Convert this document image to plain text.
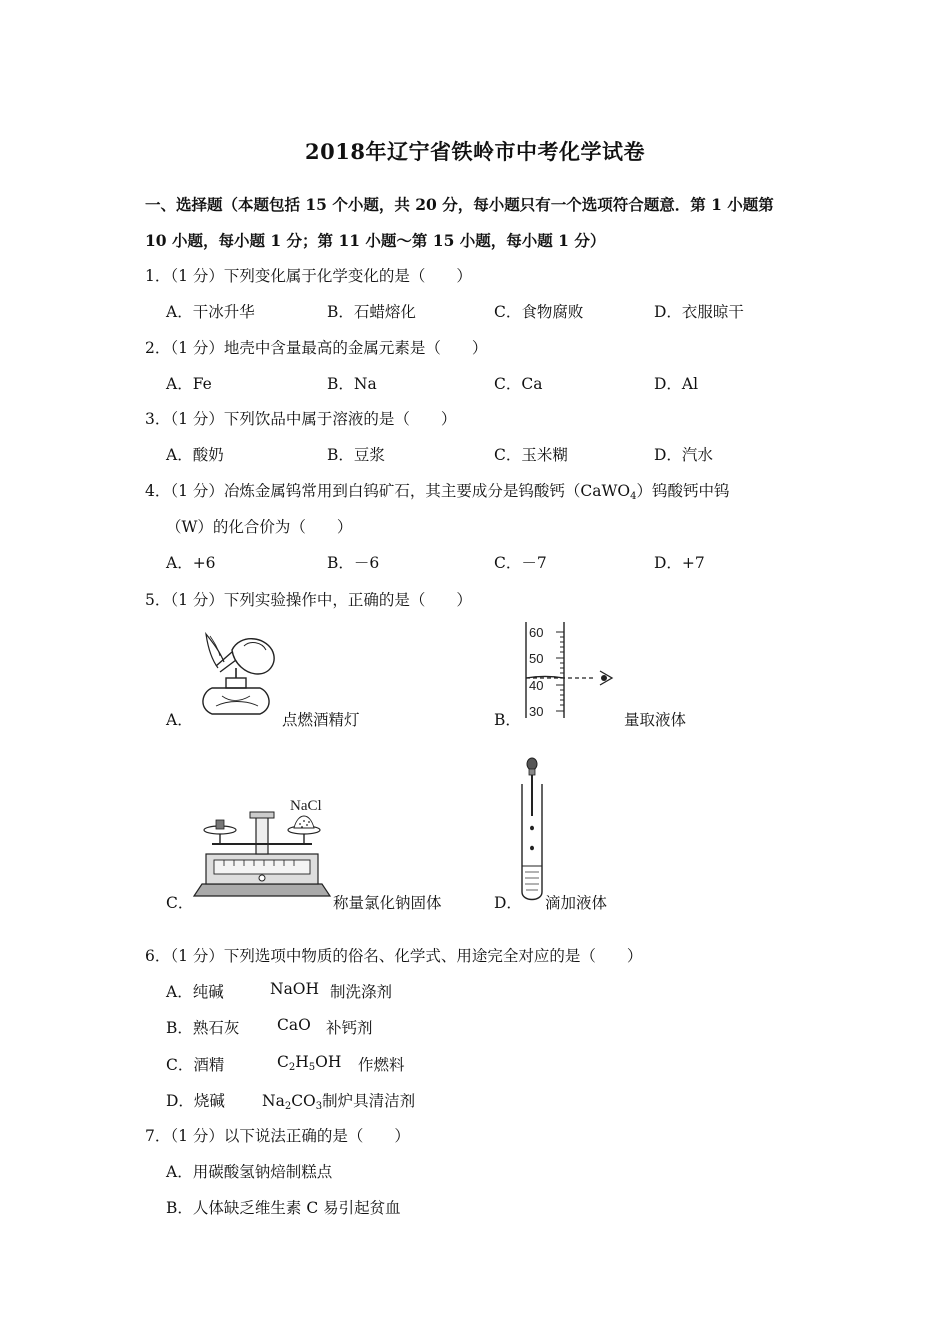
2018年辽宁省铁岭市中考化学试卷
一、选择题（本题包括 15 个小题，共 20 分，每小题只有一个选项符合题意．第 1 小题第
10 小题，每小题 1 分；第 11 小题～第 15 小题，每小题 1 分）
1．（1 分）下列变化属于化学变化的是（　　）
A．干冰升华	B．石蜡熔化	C．食物腐败	D．衣服晾干
2．（1 分）地壳中含量最高的金属元素是（　　）
A．Fe	B．Na	C．Ca	D．Al
3．（1 分）下列饮品中属于溶液的是（　　）
A．酸奶	B．豆浆	C．玉米糊	D．汽水
4．（1 分）冶炼金属钨常用到白钨矿石，其主要成分是钨酸钙（CaWO$_4$）钨酸钙中钨
（W）的化合价为（　　）
A．+6	B．－6	C．－7	D．+7
5．（1 分）下列实验操作中，正确的是（　　）
A．	点燃酒精灯
60
50
40
30
B．	量取液体
NaCl
C．	称量氯化钠固体	D． 滴加液体
6．（1 分）下列选项中物质的俗名、化学式、用途完全对应的是（　　）
A．纯碱	NaOH 制洗涤剂
B．熟石灰 CaO 补钙剂
C．酒精	$C_2H_5OH$ 作燃料
D．烧碱 $Na_2CO_3$制炉具清洁剂
7．（1 分）以下说法正确的是（　　）
A．用碳酸氢钠焙制糕点
B．人体缺乏维生素 C 易引起贫血
